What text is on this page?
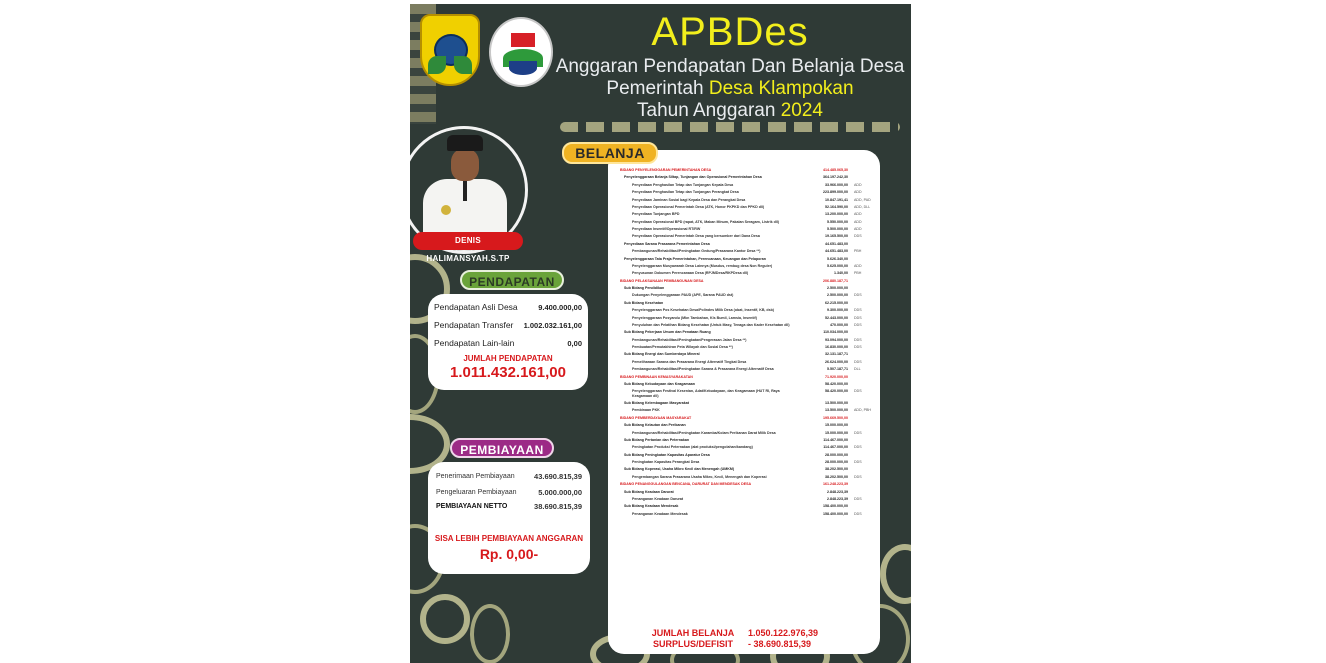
APBDes
Anggaran Pendapatan Dan Belanja Desa
Pemerintah Desa Klampokan
Tahun Anggaran 2024
DENIS HALIMANSYAH.S.TP
PENDAPATAN
Pendapatan Asli Desa	9.400.000,00
Pendapatan Transfer 1.002.032.161,00
Pendapatan Lain-lain	0,00
JUMLAH PENDAPATAN
1.011.432.161,00
PEMBIAYAAN
Penerimaan Pembiayaan	43.690.815,39
Pengeluaran Pembiayaan	5.000.000,00
PEMBIAYAAN NETTO	38.690.815,39
SISA LEBIH PEMBIAYAAN ANGGARAN
Rp. 0,00-
BIDANG PENYELENGGARAN PEMERINTAHAN DESA	414.485.065,30
Penyelenggaraan Belanja Siltap, Tunjangan dan Operasional Pemerintahan Desa	364.197.242,30
Penyediaan Penghasilan Tetap dan Tunjangan Kepala Desa	33.966.000,00	ADD
Penyediaan Penghasilan Tetap dan Tunjangan Perangkat Desa	223.899.000,00	ADD
Penyediaan Jaminan Sosial bagi Kepala Desa dan Perangkat Desa	10.847.191,41	ADD, PAD
Penyediaan Operasional Pemerintah Desa (ATK, Honor PKPKD dan PPKD dll)	52.164.590,00	ADD, DLL
Penyediaan Tunjangan BPD	13.200.000,00	ADD
Penyediaan Operasional BPD (rapat, ATK, Makan Minum, Pakaian Seragam, Listrik dll)	5.550.000,00	ADD
Penyediaan Insentif/Operasional RT/RW	5.500.000,00	ADD
Penyediaan Operasional Pemerintah Desa yang bersumber dari Dana Desa	19.165.500,00	DDS
Penyediaan Sarana Prasarana Pemerintahan Desa	44.651.483,00
Pembangunan/Rehabilitasi/Peningkatan Gedung/Prasarana Kantor Desa **)	44.651.483,00	PBH
Penyelenggaraan Tata Praja Pemerintahan, Perencanaan, Keuangan dan Pelaporan	5.626.340,00
Penyelenggaraan Musyawarah Desa Lainnya (Musdus, rembug desa Non Reguler)	5.625.000,00	ADD
Penyusunan Dokumen Perencanaan Desa (RPJMDesa/RKPDesa dll)	1.340,00	PBH
BIDANG PELAKSANAAN PEMBANGUNAN DESA	206.880.187,71
Sub Bidang Pendidikan	2.500.000,00
Dukungan Penyelenggaraan PAUD (APE, Sarana PAUD dst)	2.500.000,00	DDS
Sub Bidang Kesehatan	62.215.000,00
Penyelenggaraan Pos Kesehatan Desa/Polindes Milik Desa (obat, Insentif, KB, dsb)	9.300.000,00	DDS
Penyelenggaraan Posyandu (Mkn Tambahan, Kls Bumil, Lamsia, Insentif)	52.443.000,00	DDS
Penyuluhan dan Pelatihan Bidang Kesehatan (Untuk Masy, Tenaga dan Kader Kesehatan dll)	470.000,00	DDS
Sub Bidang Pekerjaan Umum dan Penataan Ruang	110.034.000,00
Pembangunan/Rehabilitasi/Peningkatan/Pengerasan Jalan Desa **)	93.094.000,00	DDS
Pembuatan/Pemutakhiran Peta Wilayah dan Sosial Desa **)	16.830.000,00	DDS
Sub Bidang Energi dan Sumberdaya Mineral	32.131.187,71
Pemeliharaan Sarana dan Prasarana Energi Alternatif Tingkat Desa	26.624.000,00	DDS
Pembangunan/Rehabilitasi/Peningkatan Sarana & Prasarana Energi Alternatif Desa	5.507.187,71	DLL
BIDANG PEMBINAAN KEMASYARAKATAN	71.920.000,00
Sub Bidang Kebudayaan dan Keagamaan	58.420.000,00
Penyelenggaraan Festival Kesenian, Adat/Kebudayaan, dan Keagamaan (HUT RI, Raya Keagamaan dll)
58.420.000,00	DDS
Sub Bidang Kelembagaan Masyarakat	13.500.000,00
Pembinaan PKK	13.500.000,00	ADD, PBH
BIDANG PEMBERDAYAAN MASYARAKAT	195.669.500,00
Sub Bidang Kelautan dan Perikanan	15.000.000,00
Pembangunan/Rehabilitasi/Peningkatan Karamba/Kolam Perikanan Darat Milik Desa	15.000.000,00	DDS
Sub Bidang Pertanian dan Peternakan	114.467.000,00
Peningkatan Produksi Peternakan (alat produksi/pengolahan/kandang)	114.467.000,00	DDS
Sub Bidang Peningkatan Kapasitas Aparatur Desa	28.000.000,00
Peningkatan Kapasitas Perangkat Desa	28.000.000,00	DDS
Sub Bidang Koperasi, Usaha Mikro Kecil dan Menengah (UMKM)	38.202.500,00
Pengembangan Sarana Prasarana Usaha Mikro, Kecil, Menengah dan Koperasi	38.202.500,00	DDS
BIDANG PENANGGULANGAN BENCANA, DARURAT DAN MENDESAK DESA	161.248.223,39
Sub Bidang Keadaan Darurat	2.848.223,39
Penanganan Keadaan Darurat	2.848.223,39	DDS
Sub Bidang Keadaan Mendesak	158.400.000,00
Penanganan Keadaan Mendesak	158.400.000,00	DDS
JUMLAH BELANJA	1.050.122.976,39
SURPLUS/DEFISIT	- 38.690.815,39
BELANJA
